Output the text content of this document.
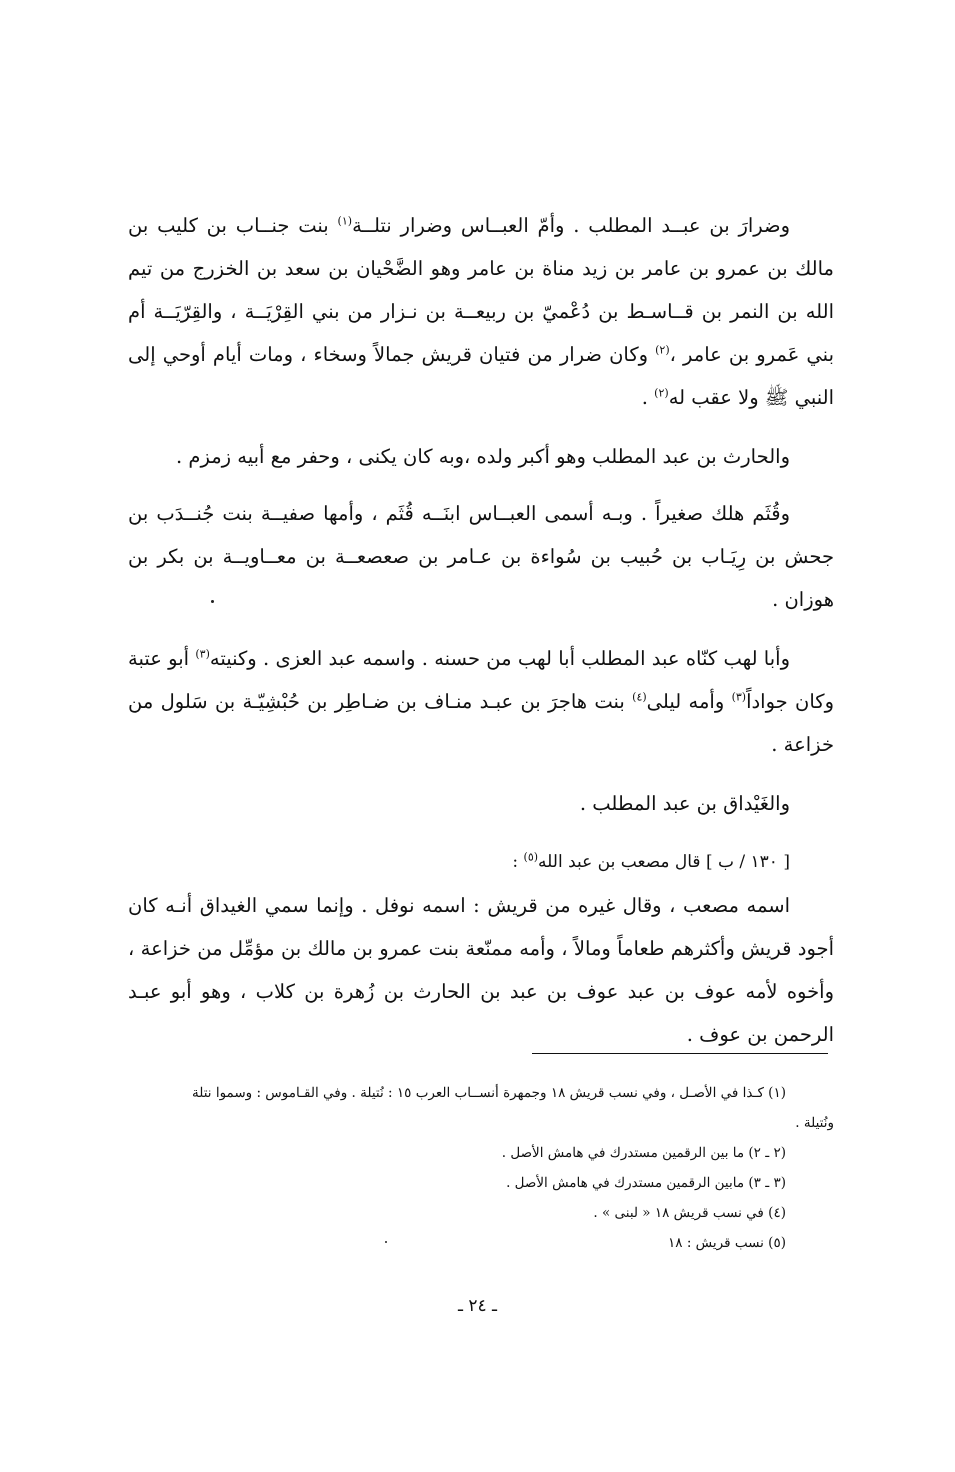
وضرارَ بن عبــد المطلب . وأمّ العبــاس وضرار نتلــة$^{(١)}$ بنت جنــاب بن كليب بن مالك بن عمرو بن عامر بن زيد مناة بن عامر وهو الضَّحْيان بن سعد بن الخزرج من تيم الله بن النمر بن قــاسـط بن دُعْميّ بن ربيعــة بن نـزار من بني القِرْيَــة ، والقِرّيَــة أم بني عَمرو بن عامر ،$^{(٢)}$ وكان ضرار من فتيان قريش جمالاً وسخاء ، ومات أيام أوحي إلى النبي ﷺ ولا عقب له$^{(٢)}$ .

والحارث بن عبد المطلب وهو أكبر ولده ،وبه كان يكنى ، وحفر مع أبيه زمزم .

وقُثَم هلك صغيراً . وبـه أسمى العبــاس ابنَــه قُثَم ، وأمها صفيــة بنت جُنــدَب بن جحش بن رِيَـاب بن حُبيب بن سُواءة بن عـامر بن صعصعــة بن معــاويــة بن بكر بن هوزان .

وأبا لهب كنّاه عبد المطلب أبا لهب من حسنه . واسمه عبد العزى . وكنيته$^{(٣)}$ أبو عتبة وكان جواداً$^{(٣)}$ وأمه ليلى$^{(٤)}$ بنت هاجرَ بن عبـد منـاف بن ضـاطِر بن حُبْشِيّـة بن سَلول من خزاعة .

والغَيْداق بن عبد المطلب .

[ ١٣٠ / ب ] قال مصعب بن عبد الله$^{(٥)}$ :

اسمه مصعب ، وقال غيره من قريش : اسمه نوفل . وإنما سمي الغيداق أنـه كان أجود قريش وأكثرهم طعاماً ومالاً ، وأمه ممنّعة بنت عمرو بن مالك بن مؤمِّل من خزاعة ، وأخوه لأمه عوف بن عبد عوف بن عبد بن الحارث بن زُهرة بن كلاب ، وهو أبو عبـد الرحمن بن عوف .

(١) كـذا في الأصـل ، وفي نسب قريش ١٨ وجمهرة أنســاب العرب ١٥ : نُتيلة . وفي القـاموس : وسموا نتلة
ونُتيلة .

(٢ ـ ٢) ما بين الرقمين مستدرك في هامش الأصل .

(٣ ـ ٣) مابين الرقمين مستدرك في هامش الأصل .

(٤) في نسب قريش ١٨ « لبنى » .

(٥) نسب قريش : ١٨

ـ ٢٤ ـ
